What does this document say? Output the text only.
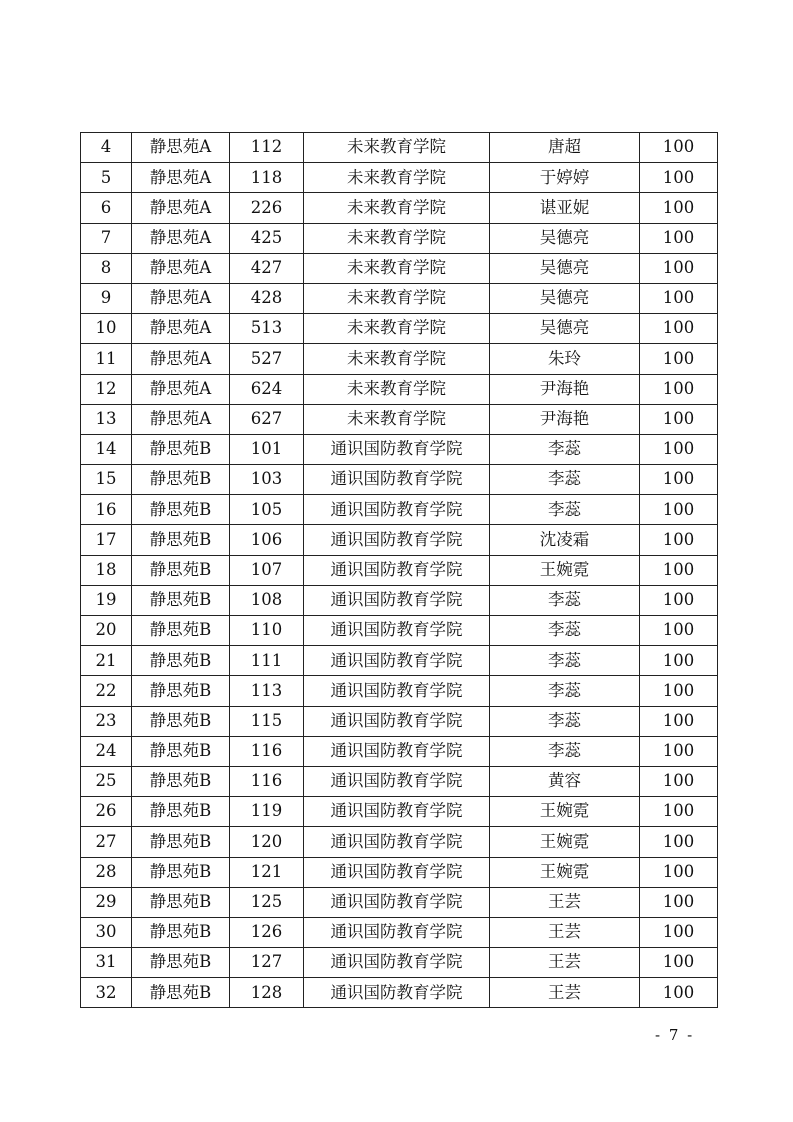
4	静思苑A	112	未来教育学院	唐超	100
5	静思苑A	118	未来教育学院	于婷婷	100
6	静思苑A	226	未来教育学院	谌亚妮	100
7	静思苑A	425	未来教育学院	吴德亮	100
8	静思苑A	427	未来教育学院	吴德亮	100
9	静思苑A	428	未来教育学院	吴德亮	100
10	静思苑A	513	未来教育学院	吴德亮	100
11	静思苑A	527	未来教育学院	朱玲	100
12	静思苑A	624	未来教育学院	尹海艳	100
13	静思苑A	627	未来教育学院	尹海艳	100
14	静思苑B	101	通识国防教育学院	李蕊	100
15	静思苑B	103	通识国防教育学院	李蕊	100
16	静思苑B	105	通识国防教育学院	李蕊	100
17	静思苑B	106	通识国防教育学院	沈凌霜	100
18	静思苑B	107	通识国防教育学院	王婉霓	100
19	静思苑B	108	通识国防教育学院	李蕊	100
20	静思苑B	110	通识国防教育学院	李蕊	100
21	静思苑B	111	通识国防教育学院	李蕊	100
22	静思苑B	113	通识国防教育学院	李蕊	100
23	静思苑B	115	通识国防教育学院	李蕊	100
24	静思苑B	116	通识国防教育学院	李蕊	100
25	静思苑B	116	通识国防教育学院	黄容	100
26	静思苑B	119	通识国防教育学院	王婉霓	100
27	静思苑B	120	通识国防教育学院	王婉霓	100
28	静思苑B	121	通识国防教育学院	王婉霓	100
29	静思苑B	125	通识国防教育学院	王芸	100
30	静思苑B	126	通识国防教育学院	王芸	100
31	静思苑B	127	通识国防教育学院	王芸	100
32	静思苑B	128	通识国防教育学院	王芸	100
- 7 -
